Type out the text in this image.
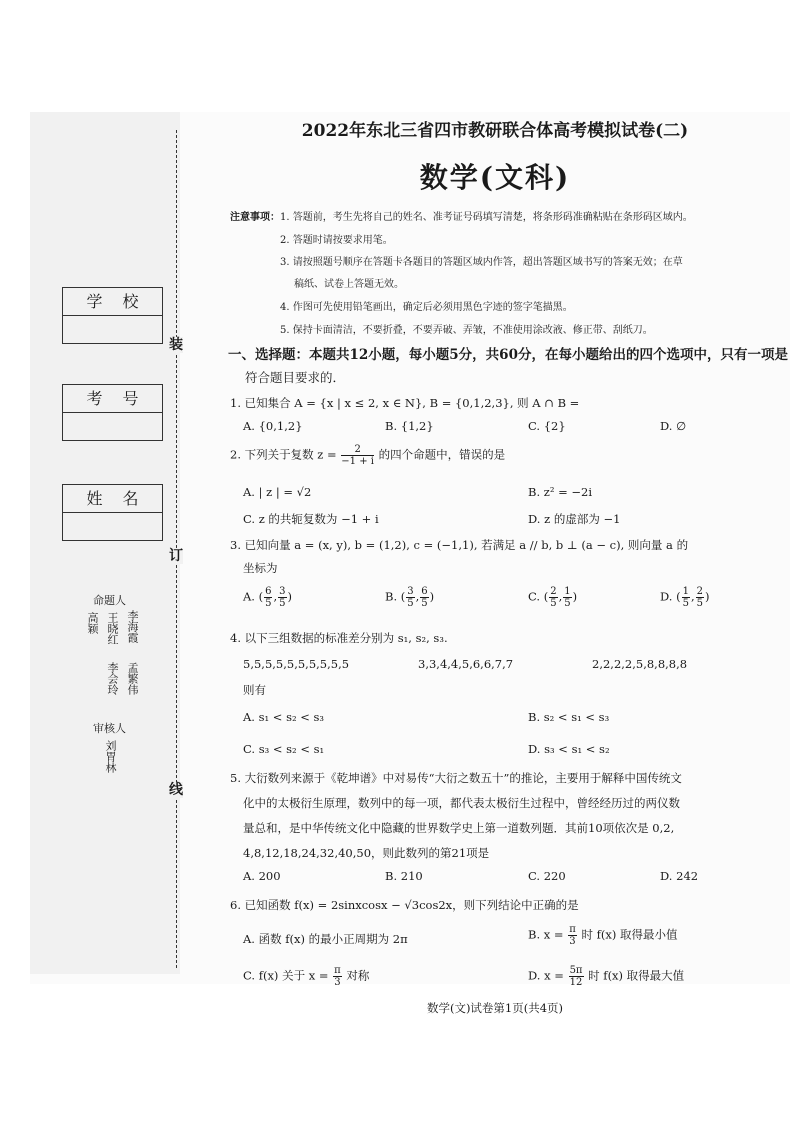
装
订
线
学校
考号
姓名
命题人
李海霞
王晓红
高颖
孟繁伟
李会玲
审核人
刘胃林
2022年东北三省四市教研联合体高考模拟试卷(二)
数学(文科)
注意事项： 1. 答题前，考生先将自己的姓名、准考证号码填写清楚，将条形码准确粘贴在条形码区域内。
2. 答题时请按要求用笔。
3. 请按照题号顺序在答题卡各题目的答题区域内作答，超出答题区域书写的答案无效；在草
稿纸、试卷上答题无效。
4. 作图可先使用铅笔画出，确定后必须用黑色字迹的签字笔描黑。
5. 保持卡面清洁，不要折叠，不要弄破、弄皱，不准使用涂改液、修正带、刮纸刀。
一、选择题：本题共12小题，每小题5分，共60分，在每小题给出的四个选项中，只有一项是
符合题目要求的．
1. 已知集合 A = {x | x ≤ 2, x ∈ N}, B = {0,1,2,3}, 则 A ∩ B =
A. {0,1,2}	B. {1,2}	C. {2}	D. ∅
2. 下列关于复数 $z = \frac{2}{-1 + i}$ 的四个命题中，错误的是
A. | z | = √2	B. z² = −2i
C. z 的共轭复数为 −1 + i	D. z 的虚部为 −1
3. 已知向量 a = (x, y), b = (1,2), c = (−1,1), 若满足 a // b, b ⊥ (a − c), 则向量 a 的
坐标为
A. ( $\frac{6}{5}$ , $\frac{3}{5}$ )	B. ( $\frac{3}{5}$ , $\frac{6}{5}$ )	C. ( $\frac{2}{5}$ , $\frac{1}{5}$ )	D. ( $\frac{1}{5}$ , $\frac{2}{5}$ )
4. 以下三组数据的标准差分别为 s₁, s₂, s₃.
5,5,5,5,5,5,5,5,5,5	3,3,4,4,5,6,6,7,7	2,2,2,2,5,8,8,8,8
则有
A. s₁ < s₂ < s₃	B. s₂ < s₁ < s₃
C. s₃ < s₂ < s₁	D. s₃ < s₁ < s₂
5. 大衍数列来源于《乾坤谱》中对易传“大衍之数五十”的推论，主要用于解释中国传统文
化中的太极衍生原理，数列中的每一项，都代表太极衍生过程中，曾经经历过的两仪数
量总和，是中华传统文化中隐藏的世界数学史上第一道数列题．其前10项依次是 0,2,
4,8,12,18,24,32,40,50，则此数列的第21项是
A. 200	B. 210	C. 220	D. 242
6. 已知函数 f(x) = 2sinxcosx − √3cos2x，则下列结论中正确的是
A. 函数 f(x) 的最小正周期为 2π	B. $x = \frac{\pi}{3}$ 时 f(x) 取得最小值
C. f(x) 关于 $x = \frac{\pi}{3}$ 对称	D. $x = \frac{5\pi}{12}$ 时 f(x) 取得最大值
数学(文)试卷第1页(共4页)
